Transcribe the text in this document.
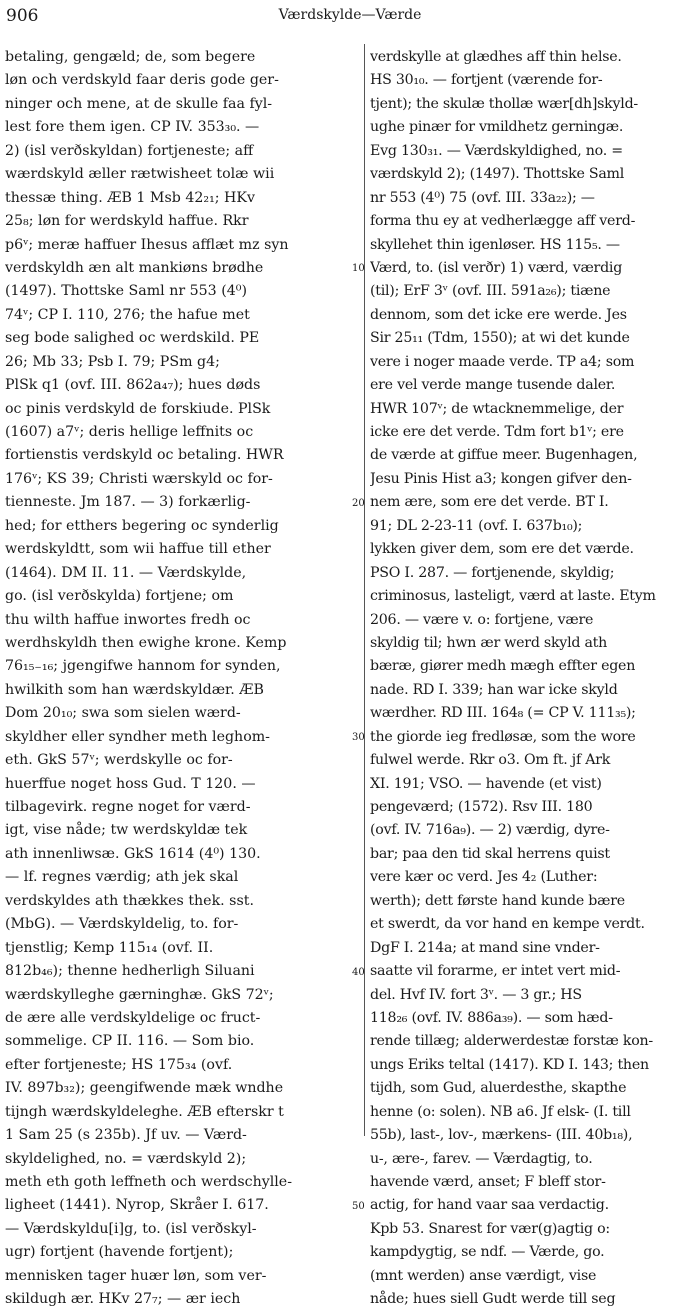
906	Værdskylde—Værde
betaling, gengæld; de, som begere
løn och verdskyld faar deris gode ger-
ninger och mene, at de skulle faa fyl-
lest fore them igen. CP IV. 353₃₀. —
2) (isl verðskyldan) fortjeneste; aff
wærdskyld æller rætwisheet tolæ wii
thessæ thing. ÆB 1 Msb 42₂₁; HKv
25₈; løn for werdskyld haffue. Rkr
p6ᵛ; meræ haffuer Ihesus afflæt mz syn
verdskyldh æn alt mankiøns brødhe
(1497). Thottske Saml nr 553 (4⁰)
74ᵛ; CP I. 110, 276; the hafue met
seg bode salighed oc werdskild. PE
26; Mb 33; Psb I. 79; PSm g4;
PlSk q1 (ovf. III. 862a₄₇); hues døds
oc pinis verdskyld de forskiude. PlSk
(1607) a7ᵛ; deris hellige leffnits oc
fortienstis verdskyld oc betaling. HWR
176ᵛ; KS 39; Christi wærskyld oc for-
tienneste. Jm 187. — 3) forkærlig-
hed; for etthers begering oc synderlig
werdskyldtt, som wii haffue till ether
(1464). DM II. 11. — Værdskylde,
go. (isl verðskylda) fortjene; om
thu wilth haffue inwortes fredh oc
werdhskyldh then ewighe krone. Kemp
76₁₅₋₁₆; jgengifwe hannom for synden,
hwilkith som han wærdskyldær. ÆB
Dom 20₁₀; swa som sielen wærd-
skyldher eller syndher meth leghom-
eth. GkS 57ᵛ; werdskylle oc for-
huerffue noget hoss Gud. T 120. —
tilbagevirk. regne noget for værd-
igt, vise nåde; tw werdskyldæ tek
ath innenliwsæ. GkS 1614 (4⁰) 130.
— lf. regnes værdig; ath jek skal
verdskyldes ath thækkes thek. sst.
(MbG). — Værdskyldelig, to. for-
tjenstlig; Kemp 115₁₄ (ovf. II.
812b₄₆); thenne hedherligh Siluani
wærdskylleghe gærninghæ. GkS 72ᵛ;
de ære alle verdskyldelige oc fruct-
sommelige. CP II. 116. — Som bio.
efter fortjeneste; HS 175₃₄ (ovf.
IV. 897b₃₂); geengifwende mæk wndhe
tijngh wærdskyldeleghe. ÆB efterskr t
1 Sam 25 (s 235b). Jf uv. — Værd-
skyldelighed, no. = værdskyld 2);
meth eth goth leffneth och werdschylle-
ligheet (1441). Nyrop, Skråer I. 617.
— Værdskyldu[i]g, to. (isl verðskyl-
ugr) fortjent (havende fortjent);
mennisken tager huær løn, som ver-
skildugh ær. HKv 27₇; — ær iech
verdskylle at glædhes aff thin helse.
HS 30₁₀. — fortjent (værende for-
tjent); the skulæ thollæ wær[dh]skyld-
ughe pinær for vmildhetz gerningæ.
Evg 130₃₁. — Værdskyldighed, no. =
værdskyld 2); (1497). Thottske Saml
nr 553 (4⁰) 75 (ovf. III. 33a₂₂); —
forma thu ey at vedherlægge aff verd-
skyllehet thin igenløser. HS 115₅. —
Værd, to. (isl verðr) 1) værd, værdig
(til); ErF 3ᵛ (ovf. III. 591a₂₆); tiæne
dennom, som det icke ere werde. Jes
Sir 25₁₁ (Tdm, 1550); at wi det kunde
vere i noger maade verde. TP a4; som
ere vel verde mange tusende daler.
HWR 107ᵛ; de wtacknemmelige, der
icke ere det verde. Tdm fort b1ᵛ; ere
de værde at giffue meer. Bugenhagen,
Jesu Pinis Hist a3; kongen gifver den-
nem ære, som ere det verde. BT I.
91; DL 2-23-11 (ovf. I. 637b₁₀);
lykken giver dem, som ere det værde.
PSO I. 287. — fortjenende, skyldig;
criminosus, lasteligt, værd at laste. Etym
206. — være v. o: fortjene, være
skyldig til; hwn ær werd skyld ath
bæræ, giører medh mægh effter egen
nade. RD I. 339; han war icke skyld
wærdher. RD III. 164₈ (= CP V. 111₃₅);
the giorde ieg fredløsæ, som the wore
fulwel werde. Rkr o3. Om ft. jf Ark
XI. 191; VSO. — havende (et vist)
pengeværd; (1572). Rsv III. 180
(ovf. IV. 716a₉). — 2) værdig, dyre-
bar; paa den tid skal herrens quist
vere kær oc verd. Jes 4₂ (Luther:
werth); dett første hand kunde bære
et swerdt, da vor hand en kempe verdt.
DgF I. 214a; at mand sine vnder-
saatte vil forarme, er intet vert mid-
del. Hvf IV. fort 3ᵛ. — 3 gr.; HS
118₂₆ (ovf. IV. 886a₃₉). — som hæd-
rende tillæg; alderwerdestæ forstæ kon-
ungs Eriks teltal (1417). KD I. 143; then
tijdh, som Gud, aluerdesthe, skapthe
henne (o: solen). NB a6. Jf elsk- (I. till
55b), last-, lov-, mærkens- (III. 40b₁₈),
u-, ære-, farev. — Værdagtig, to.
havende værd, anset; F bleff stor-
actig, for hand vaar saa verdactig.
Kpb 53. Snarest for vær(g)agtig o:
kampdygtig, se ndf. — Værde, go.
(mnt werden) anse værdigt, vise
nåde; hues siell Gudt werde till seg
10
20
30
40
50
